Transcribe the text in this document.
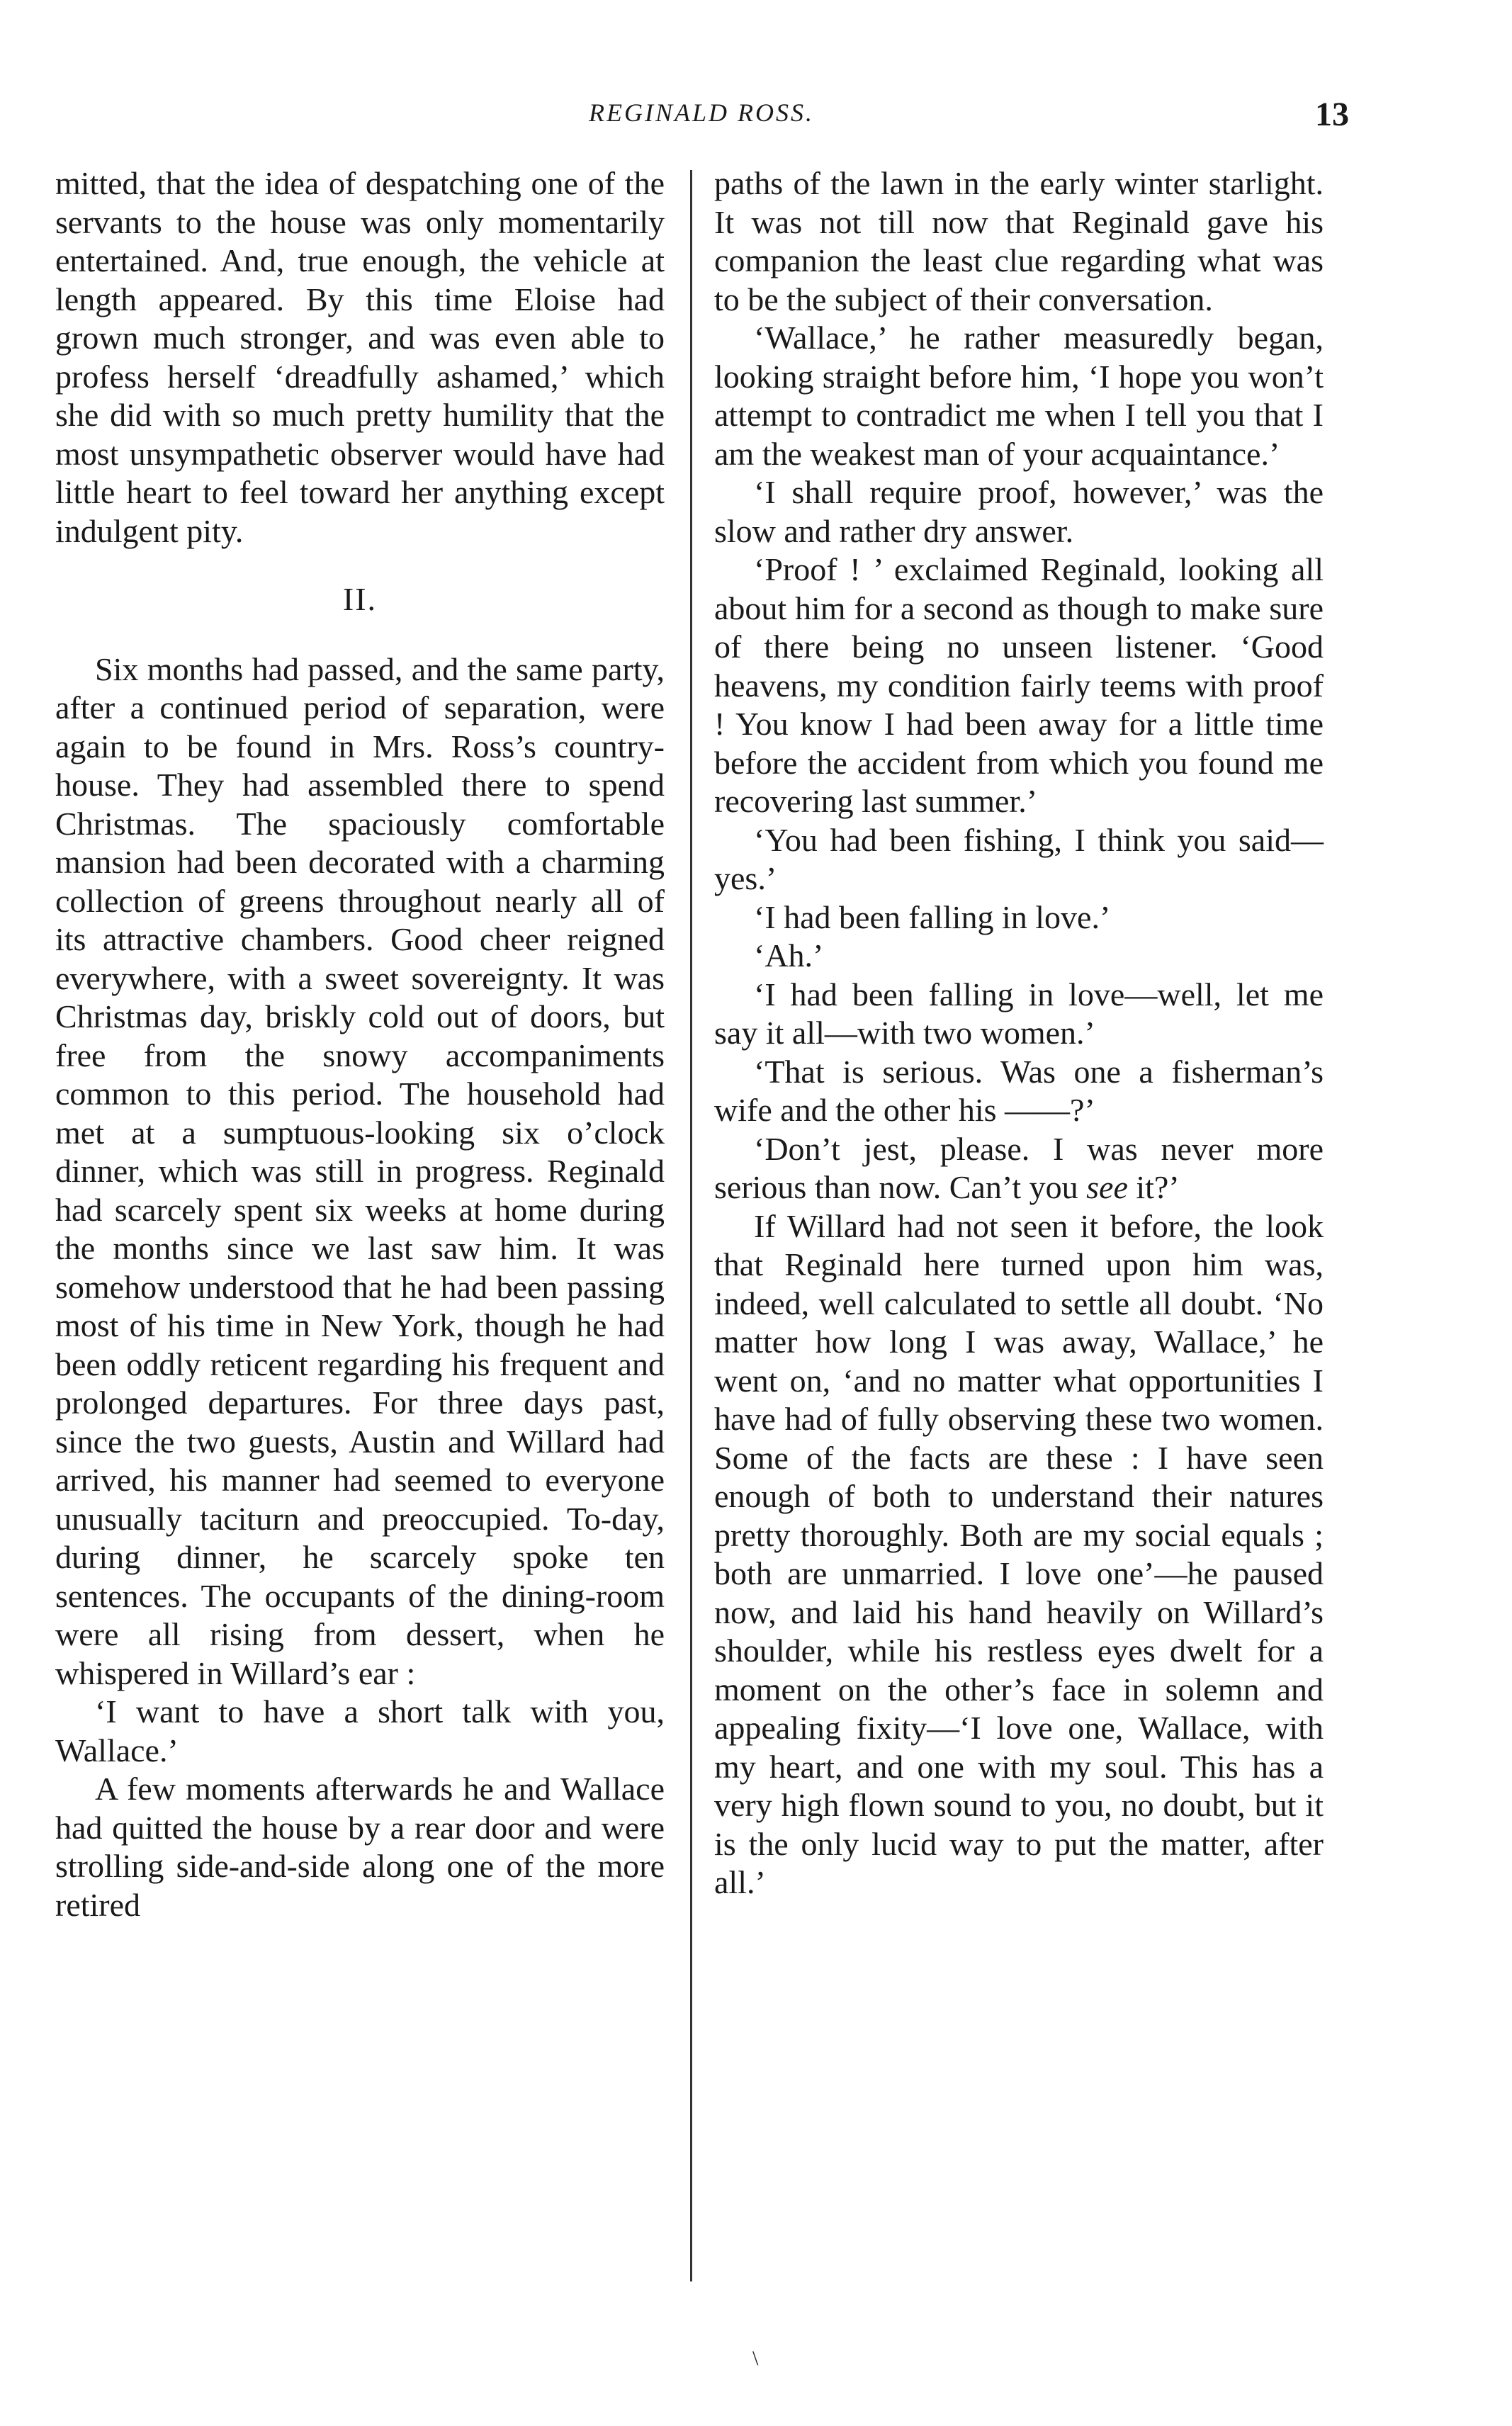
REGINALD ROSS.	13

mitted, that the idea of despatching one of the servants to the house was only momentarily entertained. And, true enough, the vehicle at length appeared. By this time Eloise had grown much stronger, and was even able to profess herself ‘dreadfully ashamed,’ which she did with so much pretty humility that the most unsympathetic observer would have had little heart to feel toward her anything except indulgent pity.

II.

Six months had passed, and the same party, after a continued period of separation, were again to be found in Mrs. Ross’s country-house. They had assembled there to spend Christmas. The spaciously comfortable mansion had been decorated with a charming collection of greens throughout nearly all of its attractive chambers. Good cheer reigned everywhere, with a sweet sovereignty. It was Christmas day, briskly cold out of doors, but free from the snowy accompaniments common to this period. The household had met at a sumptuous-looking six o’clock dinner, which was still in progress. Reginald had scarcely spent six weeks at home during the months since we last saw him. It was somehow understood that he had been passing most of his time in New York, though he had been oddly reticent regarding his frequent and prolonged departures. For three days past, since the two guests, Austin and Willard had arrived, his manner had seemed to everyone unusually taciturn and preoccupied. To-day, during dinner, he scarcely spoke ten sentences. The occupants of the dining-room were all rising from dessert, when he whispered in Willard’s ear :

‘I want to have a short talk with you, Wallace.’

A few moments afterwards he and Wallace had quitted the house by a rear door and were strolling side-and-side along one of the more retired

paths of the lawn in the early winter starlight. It was not till now that Reginald gave his companion the least clue regarding what was to be the subject of their conversation.

‘Wallace,’ he rather measuredly began, looking straight before him, ‘I hope you won’t attempt to contradict me when I tell you that I am the weakest man of your acquaintance.’

‘I shall require proof, however,’ was the slow and rather dry answer.

‘Proof ! ’ exclaimed Reginald, looking all about him for a second as though to make sure of there being no unseen listener. ‘Good heavens, my condition fairly teems with proof ! You know I had been away for a little time before the accident from which you found me recovering last summer.’

‘You had been fishing, I think you said—yes.’

‘I had been falling in love.’

‘Ah.’

‘I had been falling in love—well, let me say it all—with two women.’

‘That is serious. Was one a fisherman’s wife and the other his ——?’

‘Don’t jest, please. I was never more serious than now. Can’t you see it?’

If Willard had not seen it before, the look that Reginald here turned upon him was, indeed, well calculated to settle all doubt. ‘No matter how long I was away, Wallace,’ he went on, ‘and no matter what opportunities I have had of fully observing these two women. Some of the facts are these : I have seen enough of both to understand their natures pretty thoroughly. Both are my social equals ; both are unmarried. I love one’—he paused now, and laid his hand heavily on Willard’s shoulder, while his restless eyes dwelt for a moment on the other’s face in solemn and appealing fixity—‘I love one, Wallace, with my heart, and one with my soul. This has a very high flown sound to you, no doubt, but it is the only lucid way to put the matter, after all.’

\
